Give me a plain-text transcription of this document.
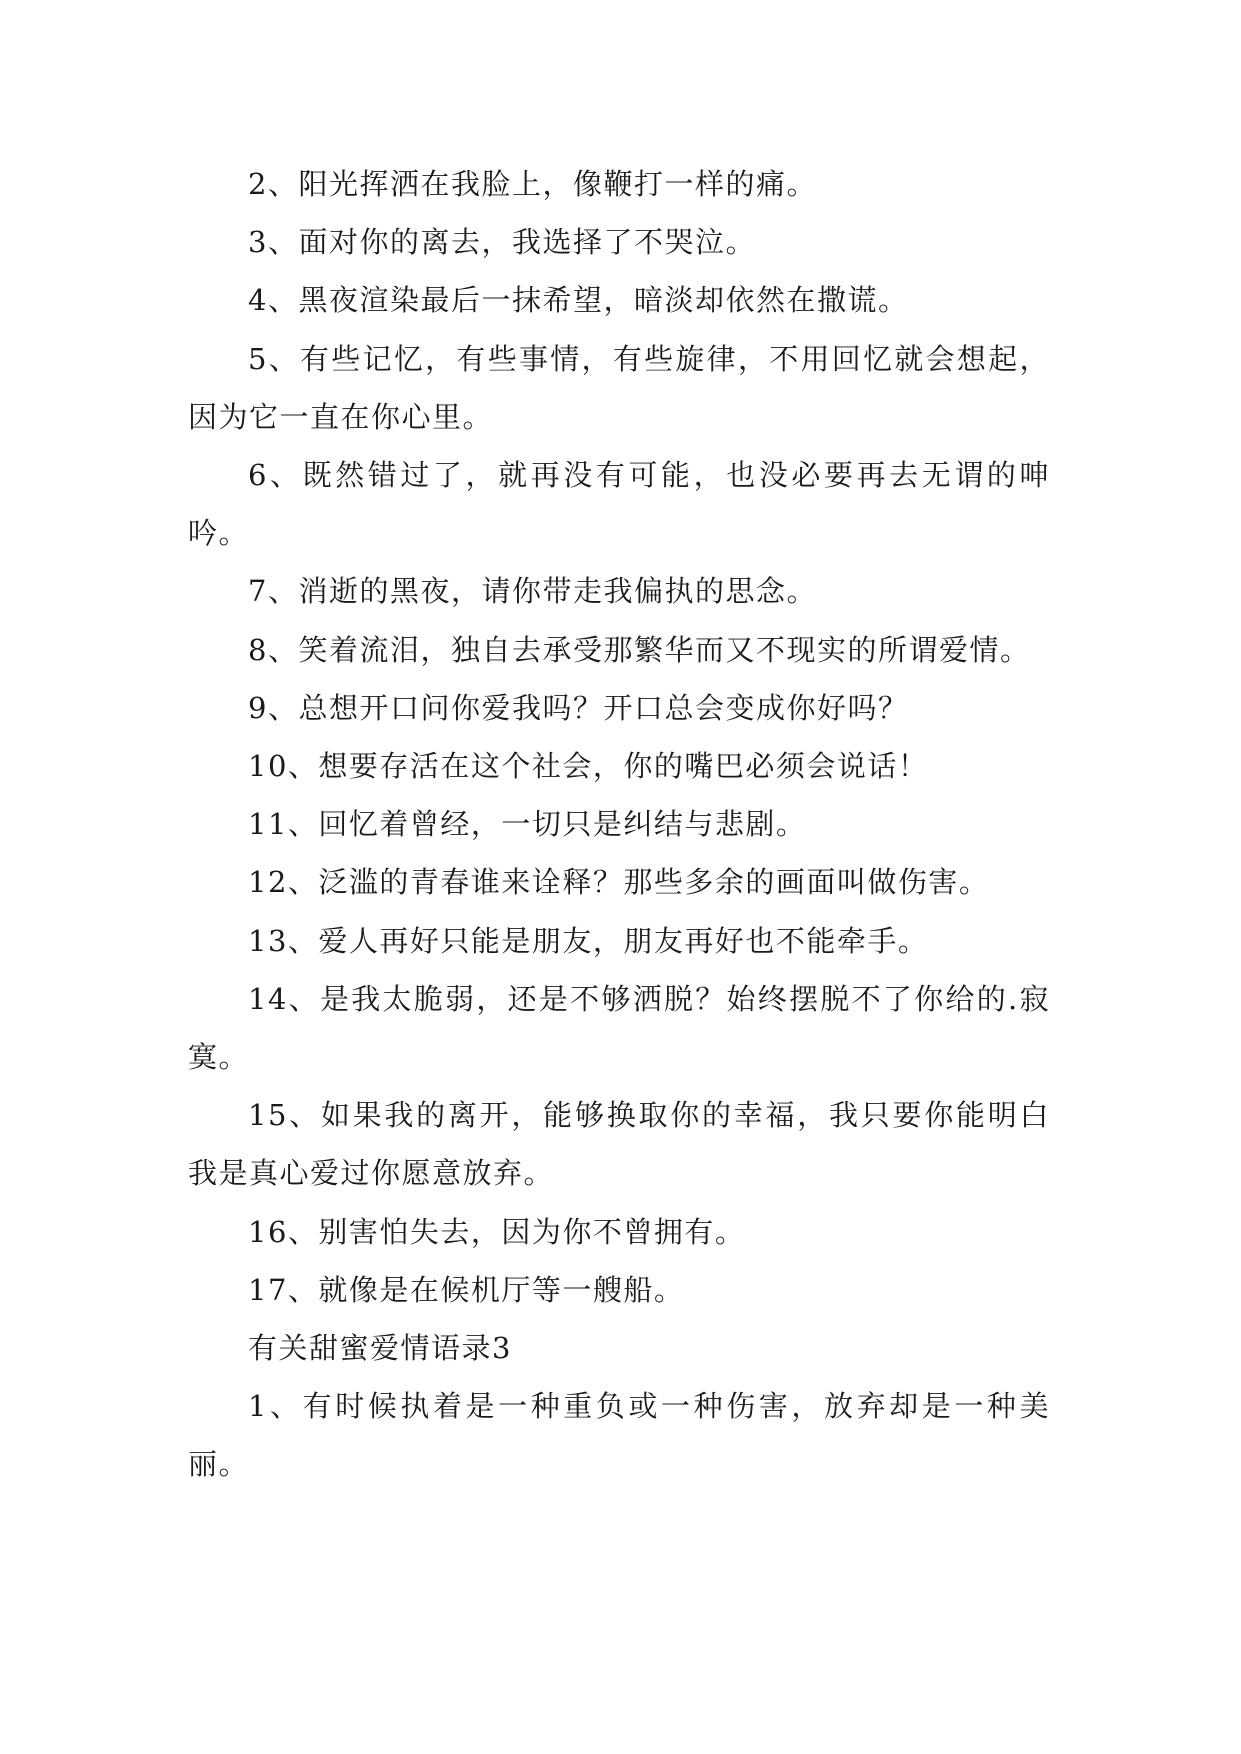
2、阳光挥洒在我脸上，像鞭打一样的痛。

3、面对你的离去，我选择了不哭泣。

4、黑夜渲染最后一抹希望，暗淡却依然在撒谎。

5、有些记忆，有些事情，有些旋律，不用回忆就会想起，因为它一直在你心里。

6、既然错过了，就再没有可能，也没必要再去无谓的呻吟。

7、消逝的黑夜，请你带走我偏执的思念。

8、笑着流泪，独自去承受那繁华而又不现实的所谓爱情。

9、总想开口问你爱我吗？开口总会变成你好吗？

10、想要存活在这个社会，你的嘴巴必须会说话！

11、回忆着曾经，一切只是纠结与悲剧。

12、泛滥的青春谁来诠释？那些多余的画面叫做伤害。

13、爱人再好只能是朋友，朋友再好也不能牵手。

14、是我太脆弱，还是不够洒脱？始终摆脱不了你给的.寂寞。

15、如果我的离开，能够换取你的幸福，我只要你能明白我是真心爱过你愿意放弃。

16、别害怕失去，因为你不曾拥有。

17、就像是在候机厅等一艘船。

有关甜蜜爱情语录3

1、有时候执着是一种重负或一种伤害，放弃却是一种美丽。
